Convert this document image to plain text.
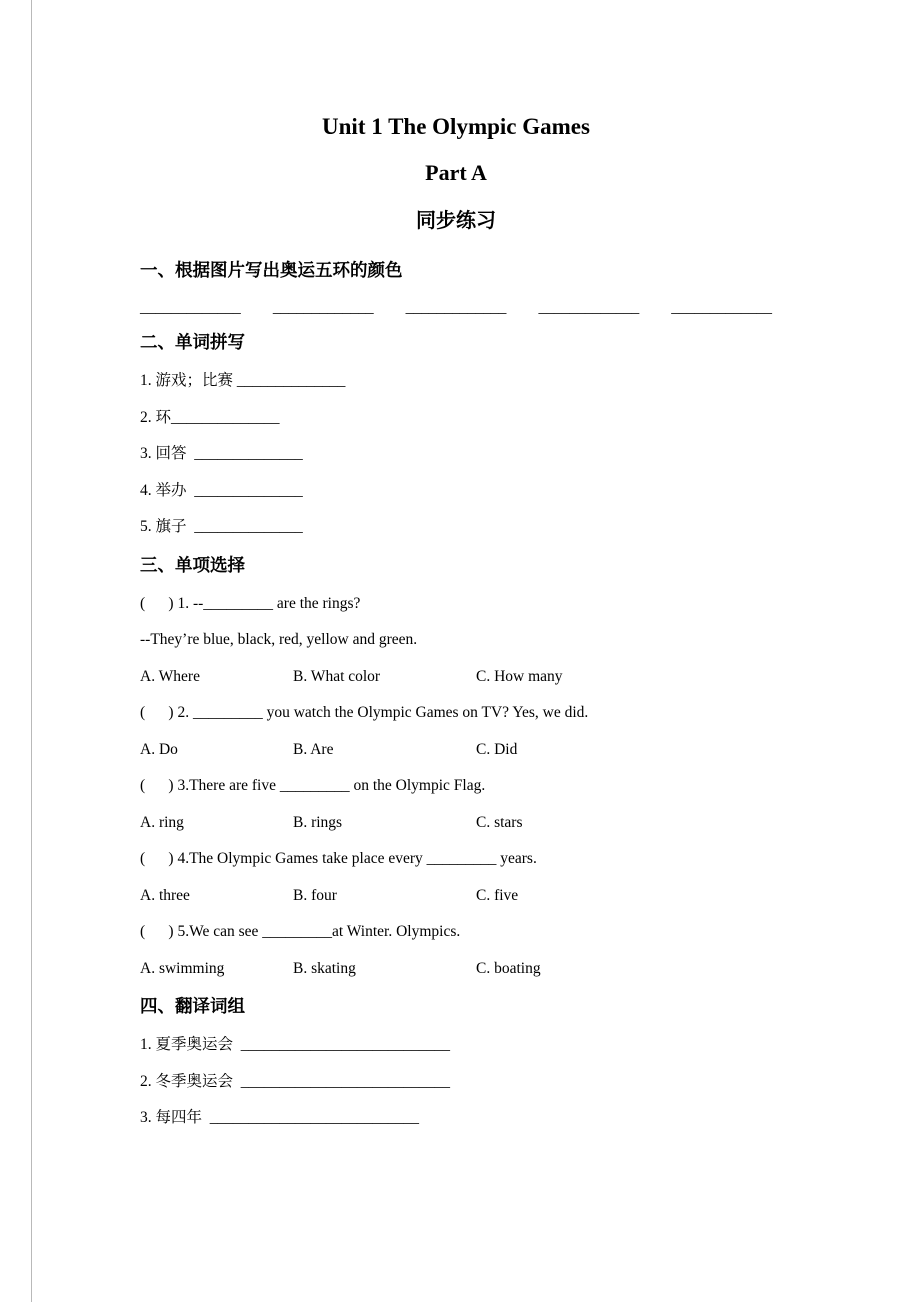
Unit 1 The Olympic Games
Part A
同步练习
一、根据图片写出奥运五环的颜色
_____________ _____________ _____________ _____________ _____________
二、单词拼写
1. 游戏；比赛 ______________
2. 环______________
3. 回答  ______________
4. 举办  ______________
5. 旗子  ______________
三、单项选择
(      ) 1. --_________ are the rings?
--They’re blue, black, red, yellow and green.
A. Where	B. What color	C. How many
(      ) 2. _________ you watch the Olympic Games on TV? Yes, we did.
A. Do	B. Are	C. Did
(      ) 3.There are five _________ on the Olympic Flag.
A. ring	B. rings	C. stars
(      ) 4.The Olympic Games take place every _________ years.
A. three	B. four	C. five
(      ) 5.We can see _________at Winter. Olympics.
A. swimming	B. skating	C. boating
四、翻译词组
1. 夏季奥运会  ___________________________
2. 冬季奥运会  ___________________________
3. 每四年  ___________________________
